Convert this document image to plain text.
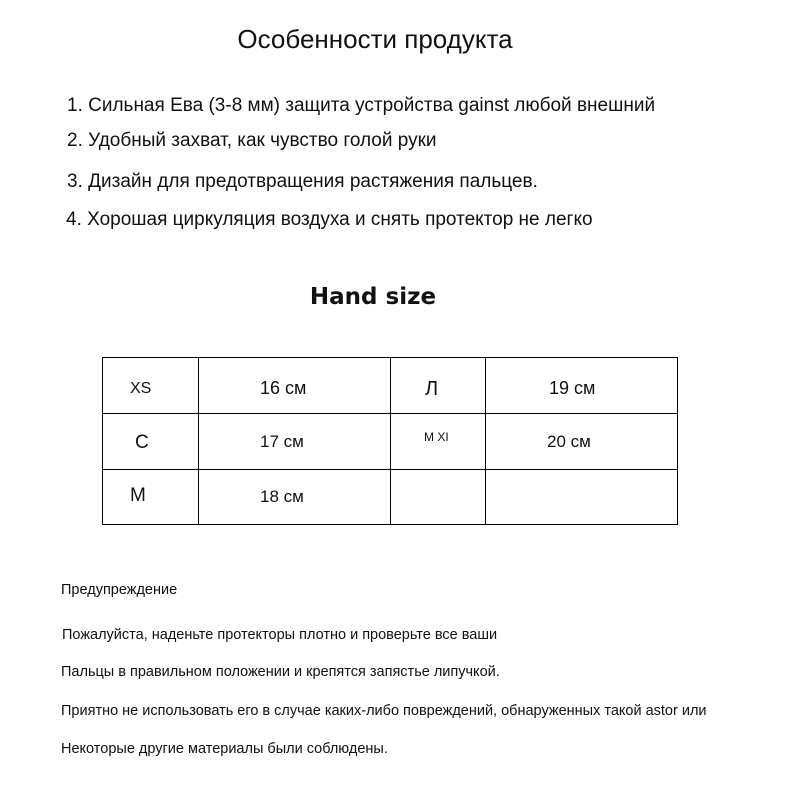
Особенности продукта
1. Сильная Ева (3-8 мм) защита устройства gainst любой внешний
2. Удобный захват, как чувство голой руки
3. Дизайн для предотвращения растяжения пальцев.
4. Хорошая циркуляция воздуха и снять протектор не легко
Hand size
XS	16 см	Л	19 см
C	17 см	M XI	20 см
M	18 см
Предупреждение
Пожалуйста, наденьте протекторы плотно и проверьте все ваши
Пальцы в правильном положении и крепятся запястье липучкой.
Приятно не использовать его в случае каких-либо повреждений, обнаруженных такой astor или
Некоторые другие материалы были соблюдены.
